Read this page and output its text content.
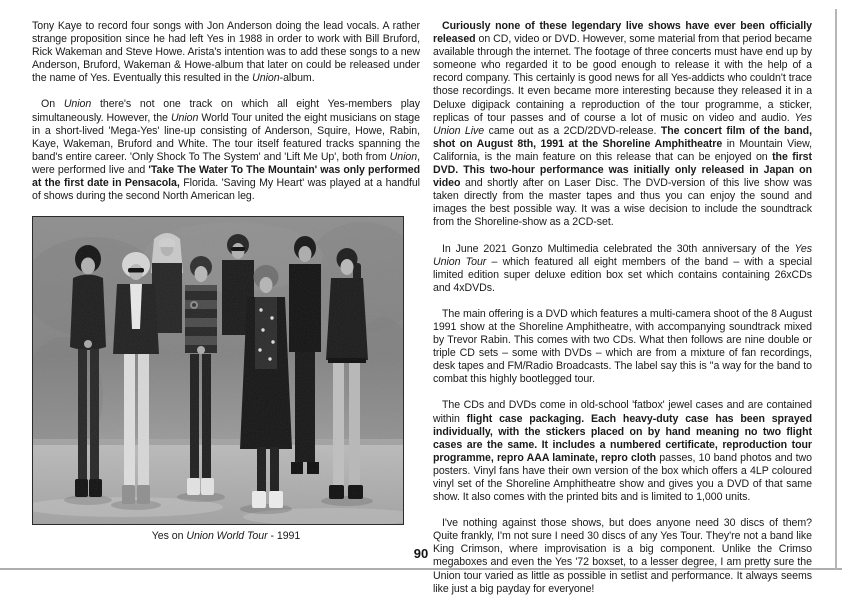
Tony Kaye to record four songs with Jon Anderson doing the lead vocals. A rather strange proposition since he had left Yes in 1988 in order to work with Bill Bruford, Rick Wakeman and Steve Howe. Arista's intention was to add these songs to a new Anderson, Bruford, Wakeman & Howe-album that later on could be released under the name of Yes. Eventually this resulted in the Union-album.

On Union there's not one track on which all eight Yes-members play simultaneously. However, the Union World Tour united the eight musicians on stage in a short-lived 'Mega-Yes' line-up consisting of Anderson, Squire, Howe, Rabin, Kaye, Wakeman, Bruford and White. The tour itself featured tracks spanning the band's entire career. 'Only Shock To The System' and 'Lift Me Up', both from Union, were performed live and 'Take The Water To The Mountain' was only performed at the first date in Pensacola, Florida. 'Saving My Heart' was played at a handful of shows during the second North American leg.

Yes on Union World Tour - 1991

Curiously none of these legendary live shows have ever been officially released on CD, video or DVD. However, some material from that period became available through the internet. The footage of three concerts must have end up by someone who regarded it to be good enough to release it with the help of a record company. This certainly is good news for all Yes-addicts who couldn't trace those recordings. It even became more interesting because they released it in a Deluxe digipack containing a reproduction of the tour programme, a sticker, replicas of tour passes and of course a lot of music on video and audio. Yes Union Live came out as a 2CD/2DVD-release. The concert film of the band, shot on August 8th, 1991 at the Shoreline Amphitheatre in Mountain View, California, is the main feature on this release that can be enjoyed on the first DVD. This two-hour performance was initially only released in Japan on video and shortly after on Laser Disc. The DVD-version of this live show was taken directly from the master tapes and thus you can enjoy the sound and images the best possible way. It was a wise decision to include the soundtrack from the Shoreline-show as a 2CD-set.

In June 2021 Gonzo Multimedia celebrated the 30th anniversary of the Yes Union Tour – which featured all eight members of the band – with a special limited edition super deluxe edition box set which contains containing 26xCDs and 4xDVDs.

The main offering is a DVD which features a multi-camera shoot of the 8 August 1991 show at the Shoreline Amphitheatre, with accompanying soundtrack mixed by Trevor Rabin. This comes with two CDs. What then follows are nine double or triple CD sets – some with DVDs – which are from a mixture of fan recordings, desk tapes and FM/Radio Broadcasts. The label say this is "a way for the band to combat this highly bootlegged tour.

The CDs and DVDs come in old-school 'fatbox' jewel cases and are contained within flight case packaging. Each heavy-duty case has been sprayed individually, with the stickers placed on by hand meaning no two flight cases are the same. It includes a numbered certificate, reproduction tour programme, repro AAA laminate, repro cloth passes, 10 band photos and two posters. Vinyl fans have their own version of the box which offers a 4LP coloured vinyl set of the Shoreline Amphitheatre show and gives you a DVD of that same show. It also comes with the printed bits and is limited to 1,000 units.

I've nothing against those shows, but does anyone need 30 discs of them? Quite frankly, I'm not sure I need 30 discs of any Yes Tour. They're not a band like King Crimson, where improvisation is a big component. Unlike the Crimso megaboxes and even the Yes '72 boxset, to a lesser degree, I am pretty sure the Union tour varied as little as possible in setlist and performance. It always seems like just a big payday for everyone!

90
